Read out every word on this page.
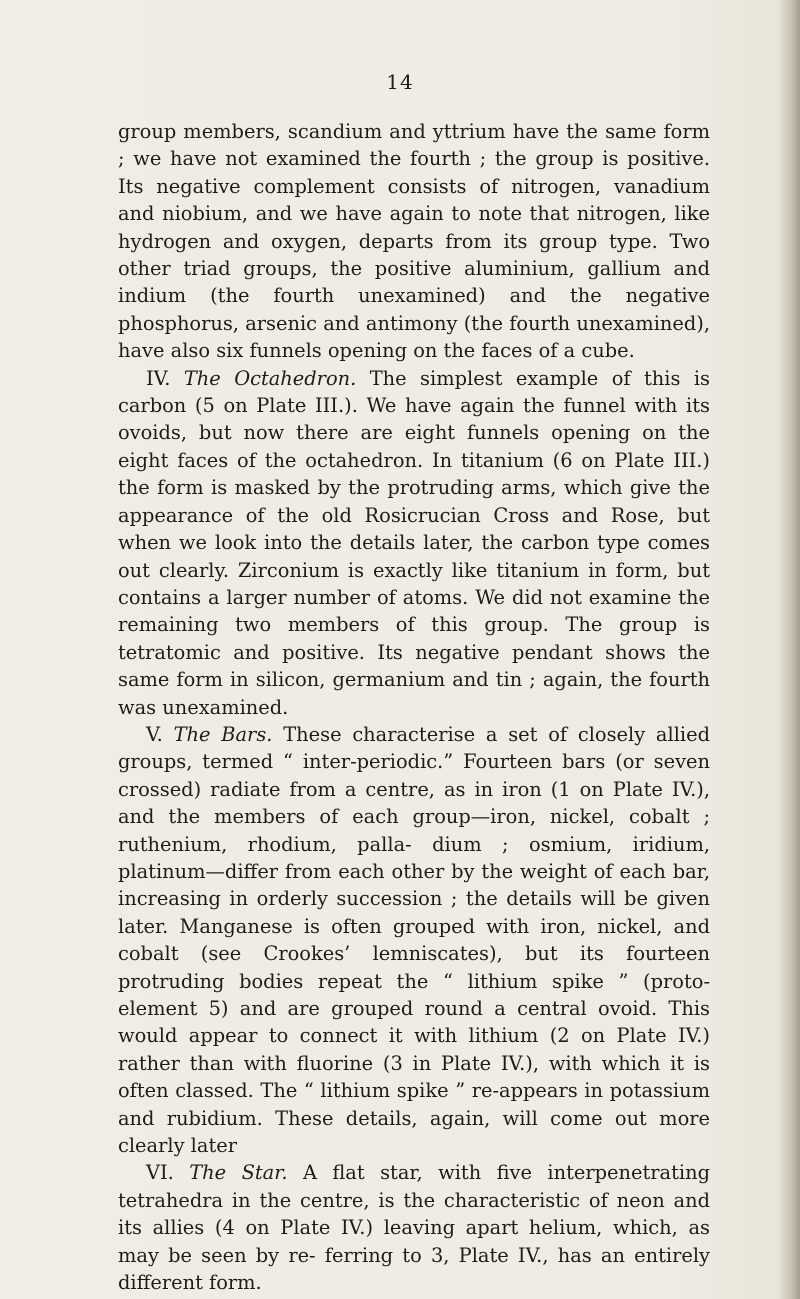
14

group members, scandium and yttrium have the same form ; we have not examined the fourth ; the group is positive. Its negative complement consists of nitrogen, vanadium and niobium, and we have again to note that nitrogen, like hydrogen and oxygen, departs from its group type. Two other triad groups, the positive aluminium, gallium and indium (the fourth unexamined) and the negative phosphorus, arsenic and antimony (the fourth unexamined), have also six funnels opening on the faces of a cube.

IV. The Octahedron. The simplest example of this is carbon (5 on Plate III.). We have again the funnel with its ovoids, but now there are eight funnels opening on the eight faces of the octahedron. In titanium (6 on Plate III.) the form is masked by the protruding arms, which give the appearance of the old Rosicrucian Cross and Rose, but when we look into the details later, the carbon type comes out clearly. Zirconium is exactly like titanium in form, but contains a larger number of atoms. We did not examine the remaining two members of this group. The group is tetratomic and positive. Its negative pendant shows the same form in silicon, germanium and tin ; again, the fourth was unexamined.

V. The Bars. These characterise a set of closely allied groups, termed “ inter-periodic.” Fourteen bars (or seven crossed) radiate from a centre, as in iron (1 on Plate IV.), and the members of each group—iron, nickel, cobalt ; ruthenium, rhodium, palla- dium ; osmium, iridium, platinum—differ from each other by the weight of each bar, increasing in orderly succession ; the details will be given later. Manganese is often grouped with iron, nickel, and cobalt (see Crookes’ lemniscates), but its fourteen protruding bodies repeat the “ lithium spike ” (proto-element 5) and are grouped round a central ovoid. This would appear to connect it with lithium (2 on Plate IV.) rather than with fluorine (3 in Plate IV.), with which it is often classed. The “ lithium spike ” re-appears in potassium and rubidium. These details, again, will come out more clearly later

VI. The Star. A flat star, with five interpenetrating tetrahedra in the centre, is the characteristic of neon and its allies (4 on Plate IV.) leaving apart helium, which, as may be seen by re- ferring to 3, Plate IV., has an entirely different form.
